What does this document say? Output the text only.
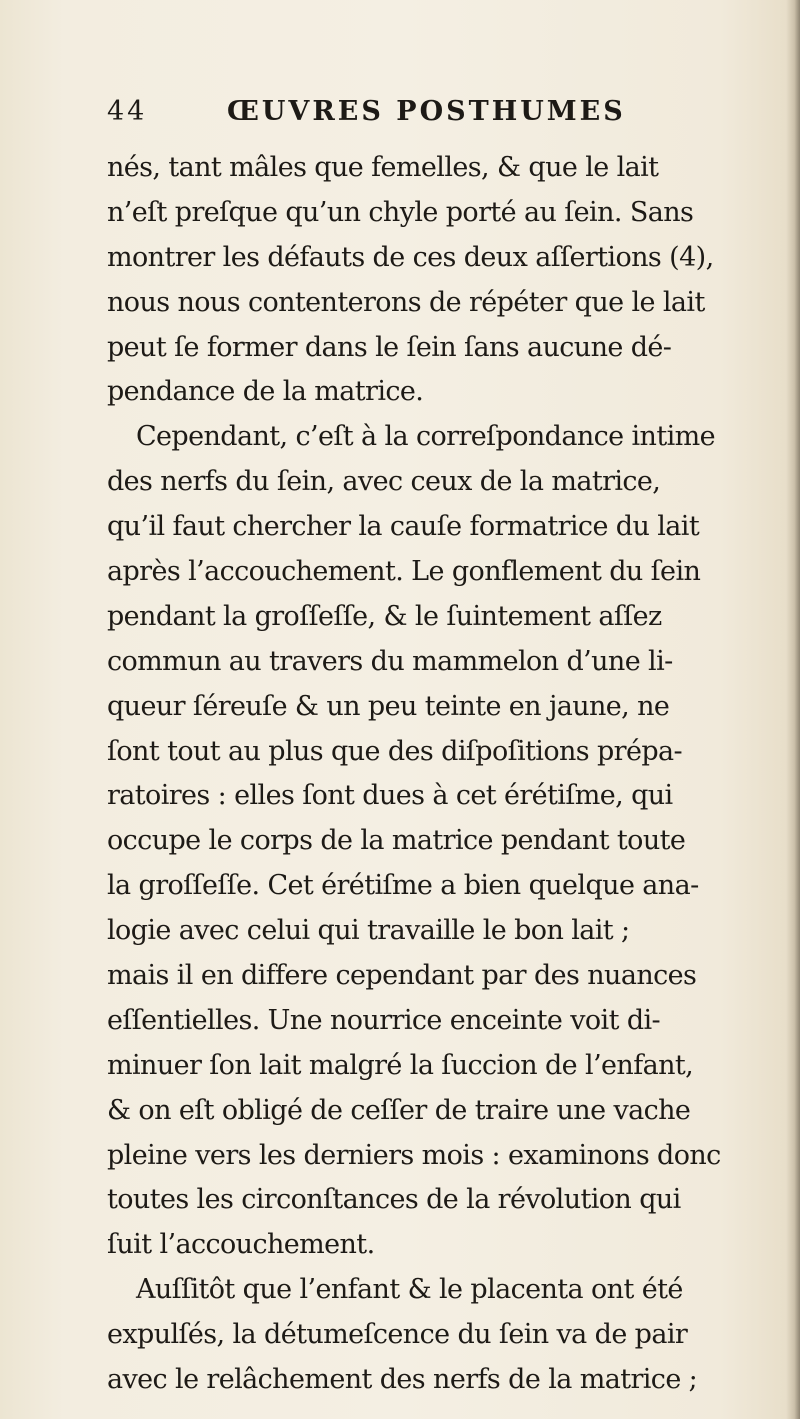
44	ŒUVRES POSTHUMES
nés, tant mâles que femelles, & que le lait
n’eſt preſque qu’un chyle porté au ſein. Sans
montrer les défauts de ces deux aſſertions (4),
nous nous contenterons de répéter que le lait
peut ſe former dans le ſein ſans aucune dé-
pendance de la matrice.
Cependant, c’eſt à la correſpondance intime
des nerfs du ſein, avec ceux de la matrice,
qu’il faut chercher la cauſe formatrice du lait
après l’accouchement. Le gonflement du ſein
pendant la groſſeſſe, & le ſuintement aſſez
commun au travers du mammelon d’une li-
queur ſéreuſe & un peu teinte en jaune, ne
ſont tout au plus que des diſpoſitions prépa-
ratoires : elles ſont dues à cet érétiſme, qui
occupe le corps de la matrice pendant toute
la groſſeſſe. Cet érétiſme a bien quelque ana-
logie avec celui qui travaille le bon lait ;
mais il en differe cependant par des nuances
eſſentielles. Une nourrice enceinte voit di-
minuer ſon lait malgré la ſuccion de l’enfant,
& on eſt obligé de ceſſer de traire une vache
pleine vers les derniers mois : examinons donc
toutes les circonſtances de la révolution qui
ſuit l’accouchement.
Auſſitôt que l’enfant & le placenta ont été
expulſés, la détumeſcence du ſein va de pair
avec le relâchement des nerfs de la matrice ;
